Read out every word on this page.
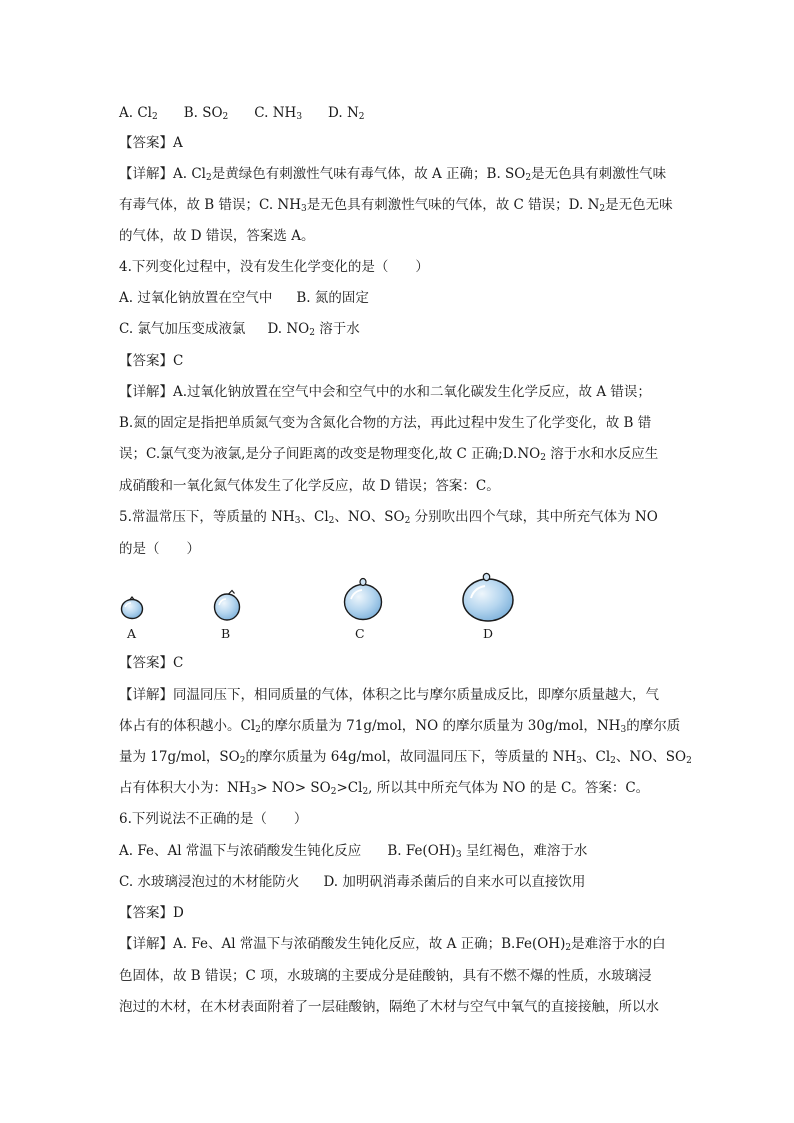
A. $Cl_2$ B. $SO_2$ C. $NH_3$ D. $N_2$
【答案】A
【详解】A. $Cl_2$是黄绿色有刺激性气味有毒气体，故 A 正确；B. $SO_2$是无色具有刺激性气味
有毒气体，故 B 错误；C. $NH_3$是无色具有刺激性气味的气体，故 C 错误；D. $N_2$是无色无味
的气体，故 D 错误，答案选 A。
4.下列变化过程中，没有发生化学变化的是（　　）
A. 过氧化钠放置在空气中 B. 氮的固定
C. 氯气加压变成液氯 D. $NO_2$ 溶于水
【答案】C
【详解】A.过氧化钠放置在空气中会和空气中的水和二氧化碳发生化学反应，故 A 错误；
B.氮的固定是指把单质氮气变为含氮化合物的方法，再此过程中发生了化学变化，故 B 错
误；C.氯气变为液氯,是分子间距离的改变是物理变化,故 C 正确$;D.NO_2$ 溶于水和水反应生
成硝酸和一氧化氮气体发生了化学反应，故 D 错误；答案：C。
5.常温常压下，等质量的 $NH_3$、$Cl_2$、NO、$SO_2$ 分别吹出四个气球，其中所充气体为 NO
的是（　　）
A	B	C	D
【答案】C
【详解】同温同压下，相同质量的气体，体积之比与摩尔质量成反比，即摩尔质量越大，气
体占有的体积越小。$Cl_2$的摩尔质量为 71g/mol，NO 的摩尔质量为 30g/mol，$NH_3$的摩尔质
量为 17g/mol，$SO_2$的摩尔质量为 64g/mol，故同温同压下，等质量的 $NH_3$、$Cl_2$、NO、$SO_2$
占有体积大小为：$NH_3> NO> SO_2>Cl_2$, 所以其中所充气体为 NO 的是 C。答案：C。
6.下列说法不正确的是（　　）
A. Fe、Al 常温下与浓硝酸发生钝化反应 B. $Fe(OH)_3$ 呈红褐色，难溶于水
C. 水玻璃浸泡过的木材能防火 D. 加明矾消毒杀菌后的自来水可以直接饮用
【答案】D
【详解】A. Fe、Al 常温下与浓硝酸发生钝化反应，故 A 正确；$B.Fe(OH)_2$是难溶于水的白
色固体，故 B 错误；C 项，水玻璃的主要成分是硅酸钠，具有不燃不爆的性质，水玻璃浸
泡过的木材，在木材表面附着了一层硅酸钠，隔绝了木材与空气中氧气的直接接触，所以水
